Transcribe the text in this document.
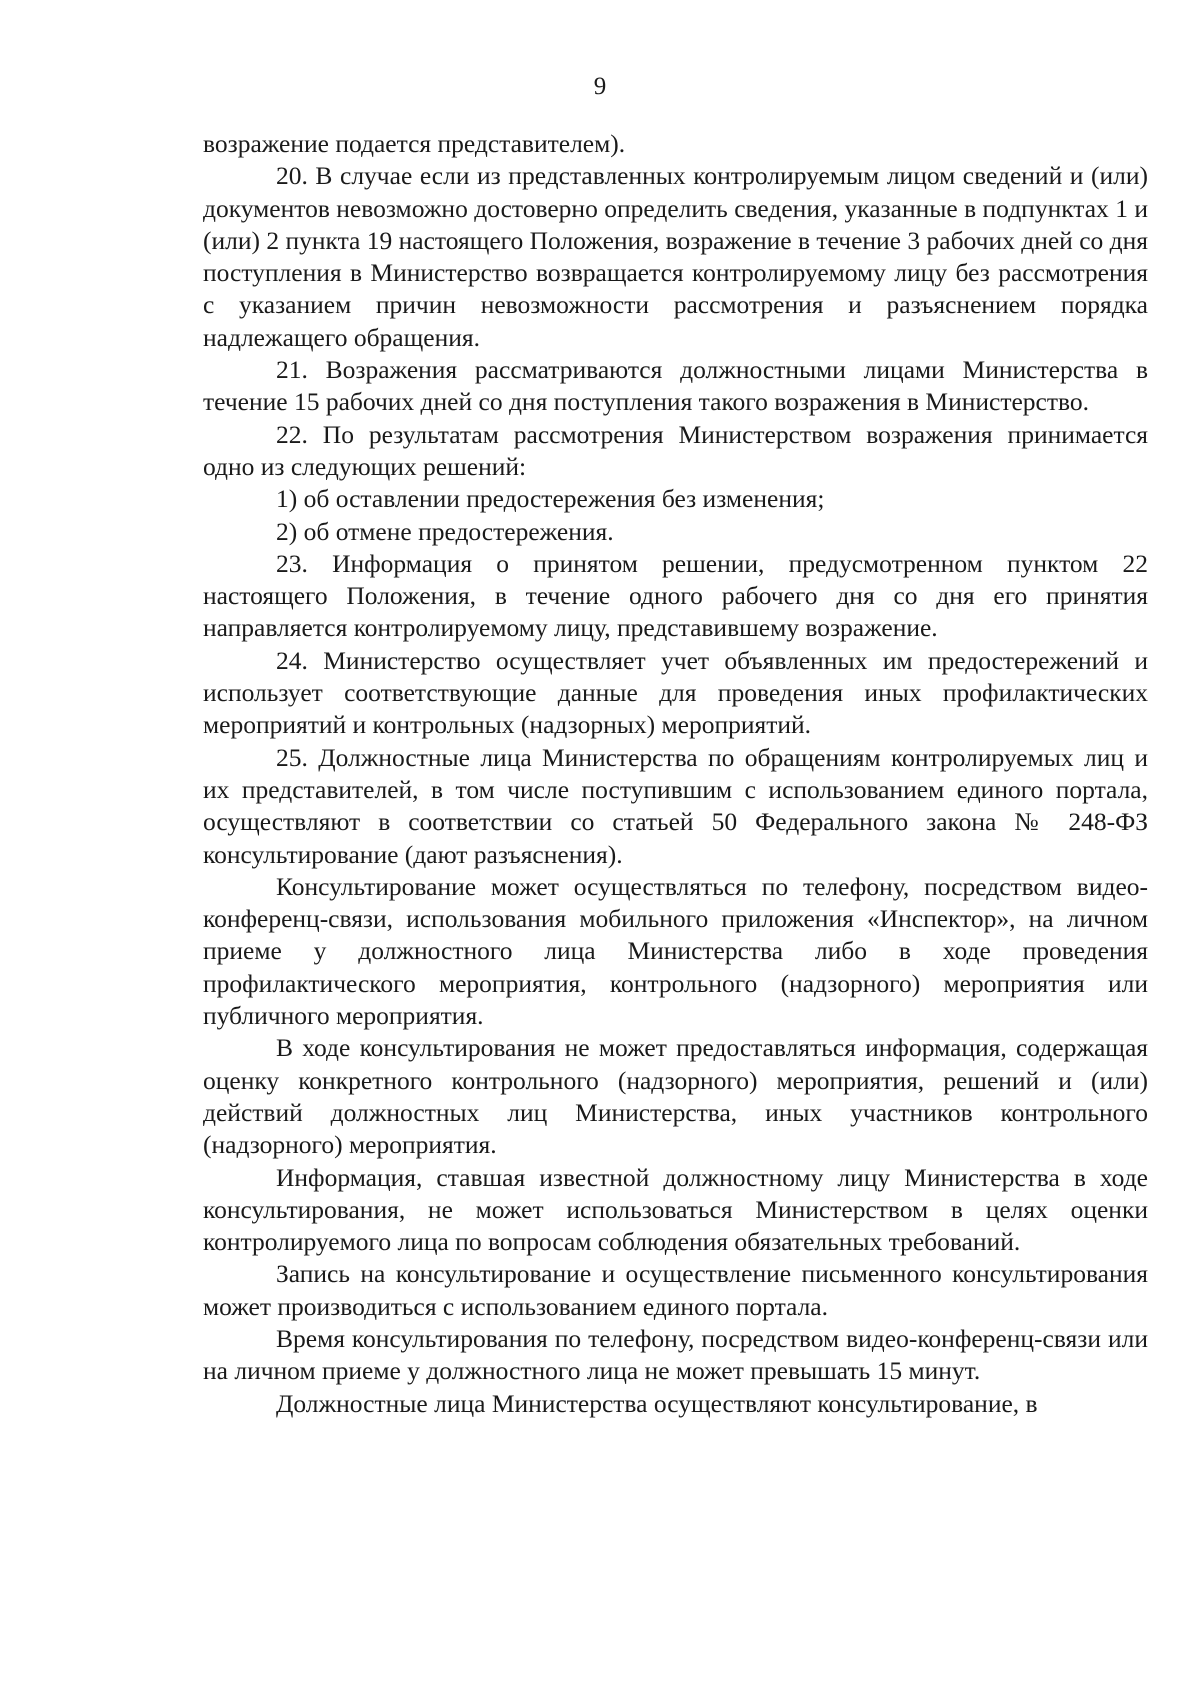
9

возражение подается представителем).

20. В случае если из представленных контролируемым лицом сведений и (или) документов невозможно достоверно определить сведения, указанные в подпунктах 1 и (или) 2 пункта 19 настоящего Положения, возражение в течение 3 рабочих дней со дня поступления в Министерство возвращается контролируемому лицу без рассмотрения с указанием причин невозможности рассмотрения и разъяснением порядка надлежащего обращения.

21. Возражения рассматриваются должностными лицами Министерства в течение 15 рабочих дней со дня поступления такого возражения в Министерство.

22. По результатам рассмотрения Министерством возражения принимается одно из следующих решений:

1) об оставлении предостережения без изменения;

2) об отмене предостережения.

23. Информация о принятом решении, предусмотренном пунктом 22 настоящего Положения, в течение одного рабочего дня со дня его принятия направляется контролируемому лицу, представившему возражение.

24. Министерство осуществляет учет объявленных им предостережений и использует соответствующие данные для проведения иных профилактических мероприятий и контрольных (надзорных) мероприятий.

25. Должностные лица Министерства по обращениям контролируемых лиц и их представителей, в том числе поступившим с использованием единого портала, осуществляют в соответствии со статьей 50 Федерального закона № 248-ФЗ консультирование (дают разъяснения).

Консультирование может осуществляться по телефону, посредством видео-конференц-связи, использования мобильного приложения «Инспектор», на личном приеме у должностного лица Министерства либо в ходе проведения профилактического мероприятия, контрольного (надзорного) мероприятия или публичного мероприятия.

В ходе консультирования не может предоставляться информация, содержащая оценку конкретного контрольного (надзорного) мероприятия, решений и (или) действий должностных лиц Министерства, иных участников контрольного (надзорного) мероприятия.

Информация, ставшая известной должностному лицу Министерства в ходе консультирования, не может использоваться Министерством в целях оценки контролируемого лица по вопросам соблюдения обязательных требований.

Запись на консультирование и осуществление письменного консультирования может производиться с использованием единого портала.

Время консультирования по телефону, посредством видео-конференц-связи или на личном приеме у должностного лица не может превышать 15 минут.

Должностные лица Министерства осуществляют консультирование, в
